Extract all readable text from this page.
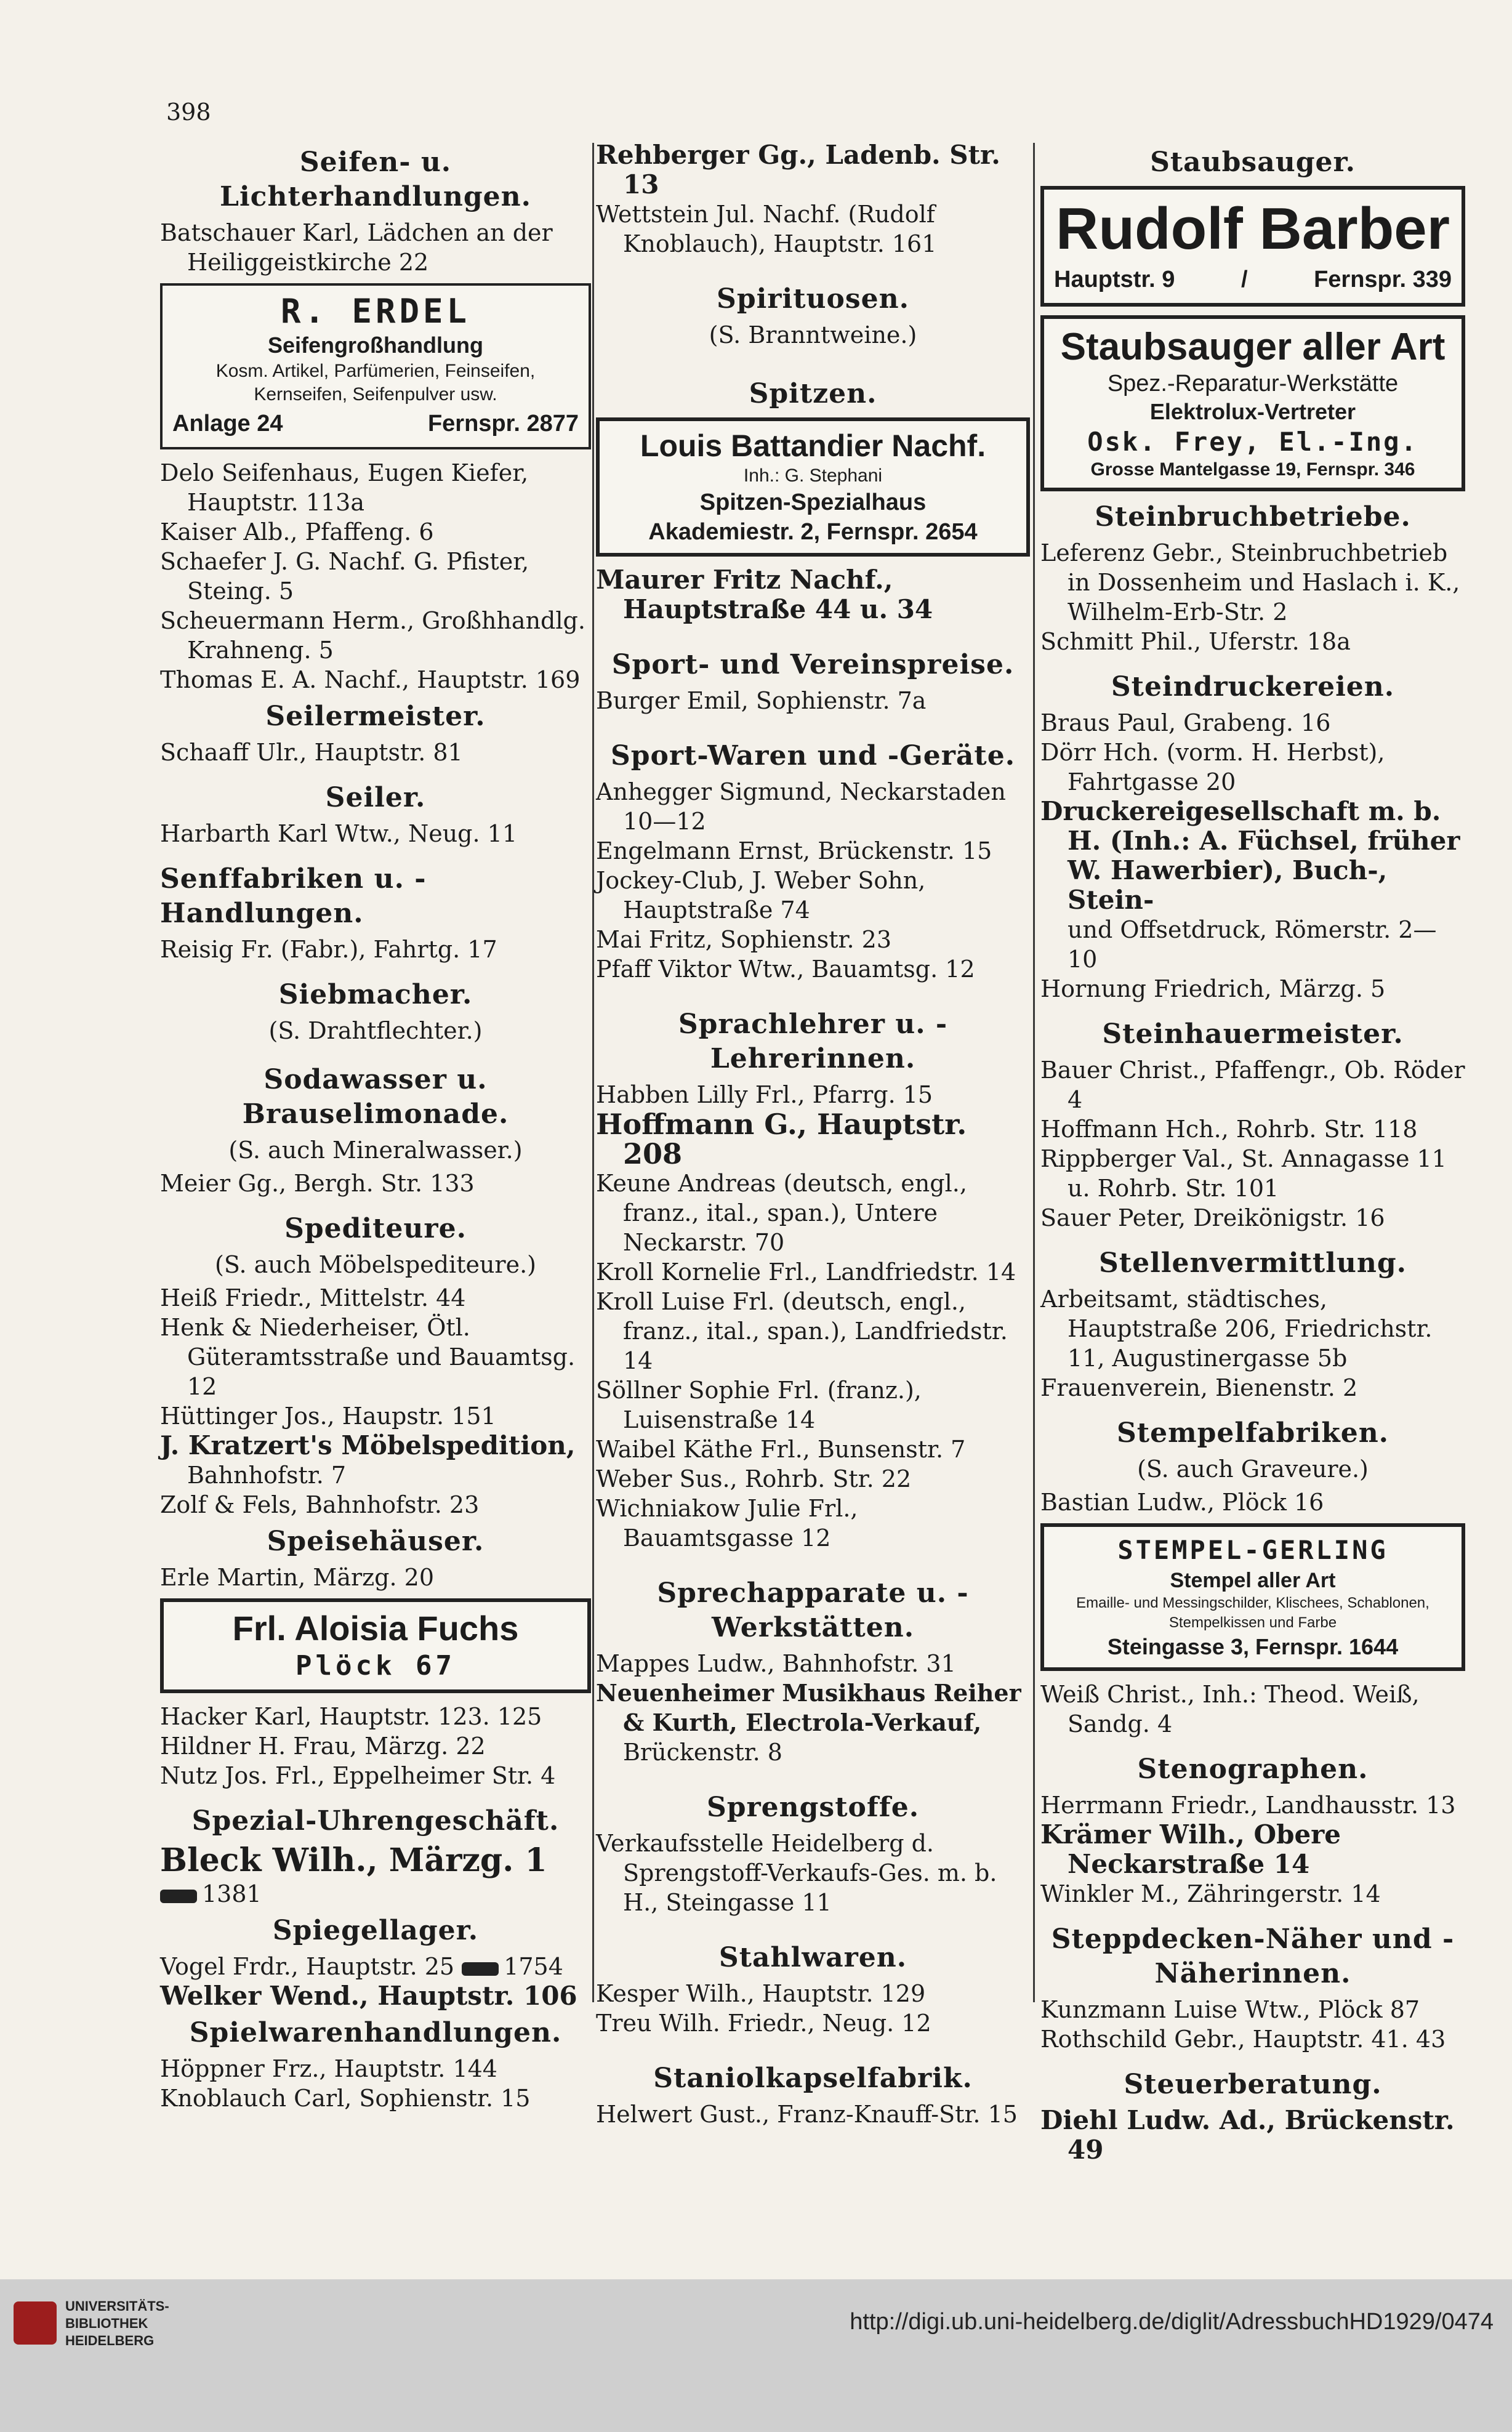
398
Seifen- u. Lichterhandlungen.
Batschauer Karl, Lädchen an der Heiliggeistkirche 22
R. ERDEL
Seifengroßhandlung
Kosm. Artikel, Parfümerien, Feinseifen, Kernseifen, Seifenpulver usw.
Anlage 24	Fernspr. 2877
Delo Seifenhaus, Eugen Kiefer, Hauptstr. 113a
Kaiser Alb., Pfaffeng. 6
Schaefer J. G. Nachf. G. Pfister, Steing. 5
Scheuermann Herm., Großhhandlg. Krahneng. 5
Thomas E. A. Nachf., Hauptstr. 169
Seilermeister.
Schaaff Ulr., Hauptstr. 81
Seiler.
Harbarth Karl Wtw., Neug. 11
Senffabriken u. -Handlungen.
Reisig Fr. (Fabr.), Fahrtg. 17
Siebmacher.
(S. Drahtflechter.)
Sodawasser u. Brauselimonade.
(S. auch Mineralwasser.)
Meier Gg., Bergh. Str. 133
Spediteure.
(S. auch Möbelspediteure.)
Heiß Friedr., Mittelstr. 44
Henk & Niederheiser, Ötl. Güteramtsstraße und Bauamtsg. 12
Hüttinger Jos., Haupstr. 151
J. Kratzert's Möbelspedition,
Bahnhofstr. 7
Zolf & Fels, Bahnhofstr. 23
Speisehäuser.
Erle Martin, Märzg. 20
Frl. Aloisia Fuchs
Plöck 67
Hacker Karl, Hauptstr. 123. 125
Hildner H. Frau, Märzg. 22
Nutz Jos. Frl., Eppelheimer Str. 4
Spezial-Uhrengeschäft.
Bleck Wilh., Märzg. 1
1381
Spiegellager.
Vogel Frdr., Hauptstr. 25 1754
Welker Wend., Hauptstr. 106
Spielwarenhandlungen.
Höppner Frz., Hauptstr. 144
Knoblauch Carl, Sophienstr. 15
Rehberger Gg., Ladenb. Str. 13
Wettstein Jul. Nachf. (Rudolf Knoblauch), Hauptstr. 161
Spirituosen.
(S. Branntweine.)
Spitzen.
Louis Battandier Nachf.
Inh.: G. Stephani
Spitzen-Spezialhaus
Akademiestr. 2, Fernspr. 2654
Maurer Fritz Nachf., Hauptstraße 44 u. 34
Sport- und Vereinspreise.
Burger Emil, Sophienstr. 7a
Sport-Waren und -Geräte.
Anhegger Sigmund, Neckarstaden 10—12
Engelmann Ernst, Brückenstr. 15
Jockey-Club, J. Weber Sohn, Hauptstraße 74
Mai Fritz, Sophienstr. 23
Pfaff Viktor Wtw., Bauamtsg. 12
Sprachlehrer u. -Lehrerinnen.
Habben Lilly Frl., Pfarrg. 15
Hoffmann G., Hauptstr. 208
Keune Andreas (deutsch, engl., franz., ital., span.), Untere Neckarstr. 70
Kroll Kornelie Frl., Landfriedstr. 14
Kroll Luise Frl. (deutsch, engl., franz., ital., span.), Landfriedstr. 14
Söllner Sophie Frl. (franz.), Luisenstraße 14
Waibel Käthe Frl., Bunsenstr. 7
Weber Sus., Rohrb. Str. 22
Wichniakow Julie Frl., Bauamtsgasse 12
Sprechapparate u. -Werkstätten.
Mappes Ludw., Bahnhofstr. 31
Neuenheimer Musikhaus Reiher & Kurth, Electrola-Verkauf,
Brückenstr. 8
Sprengstoffe.
Verkaufsstelle Heidelberg d. Sprengstoff-Verkaufs-Ges. m. b. H., Steingasse 11
Stahlwaren.
Kesper Wilh., Hauptstr. 129
Treu Wilh. Friedr., Neug. 12
Staniolkapselfabrik.
Helwert Gust., Franz-Knauff-Str. 15
Staubsauger.
Rudolf Barber
Hauptstr. 9	/	Fernspr. 339
Staubsauger aller Art
Spez.-Reparatur-Werkstätte
Elektrolux-Vertreter
Osk. Frey, El.-Ing.
Grosse Mantelgasse 19, Fernspr. 346
Steinbruchbetriebe.
Leferenz Gebr., Steinbruchbetrieb in Dossenheim und Haslach i. K., Wilhelm-Erb-Str. 2
Schmitt Phil., Uferstr. 18a
Steindruckereien.
Braus Paul, Grabeng. 16
Dörr Hch. (vorm. H. Herbst), Fahrtgasse 20
Druckereigesellschaft m. b. H. (Inh.: A. Füchsel, früher W. Hawerbier), Buch-, Stein-
und Offsetdruck, Römerstr. 2—10
Hornung Friedrich, Märzg. 5
Steinhauermeister.
Bauer Christ., Pfaffengr., Ob. Röder 4
Hoffmann Hch., Rohrb. Str. 118
Rippberger Val., St. Annagasse 11 u. Rohrb. Str. 101
Sauer Peter, Dreikönigstr. 16
Stellenvermittlung.
Arbeitsamt, städtisches, Hauptstraße 206, Friedrichstr. 11, Augustinergasse 5b
Frauenverein, Bienenstr. 2
Stempelfabriken.
(S. auch Graveure.)
Bastian Ludw., Plöck 16
STEMPEL-GERLING
Stempel aller Art
Emaille- und Messingschilder, Klischees, Schablonen, Stempelkissen und Farbe
Steingasse 3, Fernspr. 1644
Weiß Christ., Inh.: Theod. Weiß, Sandg. 4
Stenographen.
Herrmann Friedr., Landhausstr. 13
Krämer Wilh., Obere Neckarstraße 14
Winkler M., Zähringerstr. 14
Steppdecken-Näher und -Näherinnen.
Kunzmann Luise Wtw., Plöck 87
Rothschild Gebr., Hauptstr. 41. 43
Steuerberatung.
Diehl Ludw. Ad., Brückenstr. 49
UNIVERSITÄTS-
BIBLIOTHEK
HEIDELBERG
http://digi.ub.uni-heidelberg.de/diglit/AdressbuchHD1929/0474
